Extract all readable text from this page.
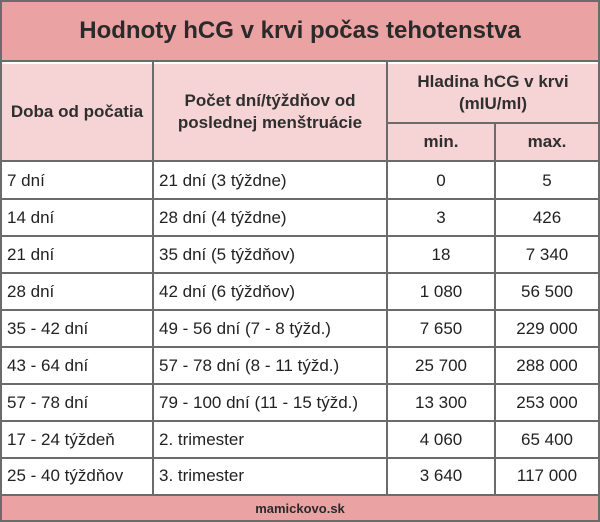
Hodnoty hCG v krvi počas tehotenstva
Doba od počatia
Počet dní/týždňov od
poslednej menštruácie
Hladina hCG v krvi
(mIU/ml)
min.	max.
7 dní	21 dní (3 týždne)	0	5
14 dní	28 dní (4 týždne)	3	426
21 dní	35 dní (5 týždňov)	18	7 340
28 dní	42 dní (6 týždňov)	1 080	56 500
35 - 42 dní	49 - 56 dní (7 - 8 týžd.)	7 650	229 000
43 - 64 dní	57 - 78 dní (8 - 11 týžd.)	25 700	288 000
57 - 78 dní	79 - 100 dní (11 - 15 týžd.)	13 300	253 000
17 - 24 týždeň	2. trimester	4 060	65 400
25 - 40 týždňov	3. trimester	3 640	117 000
mamickovo.sk
